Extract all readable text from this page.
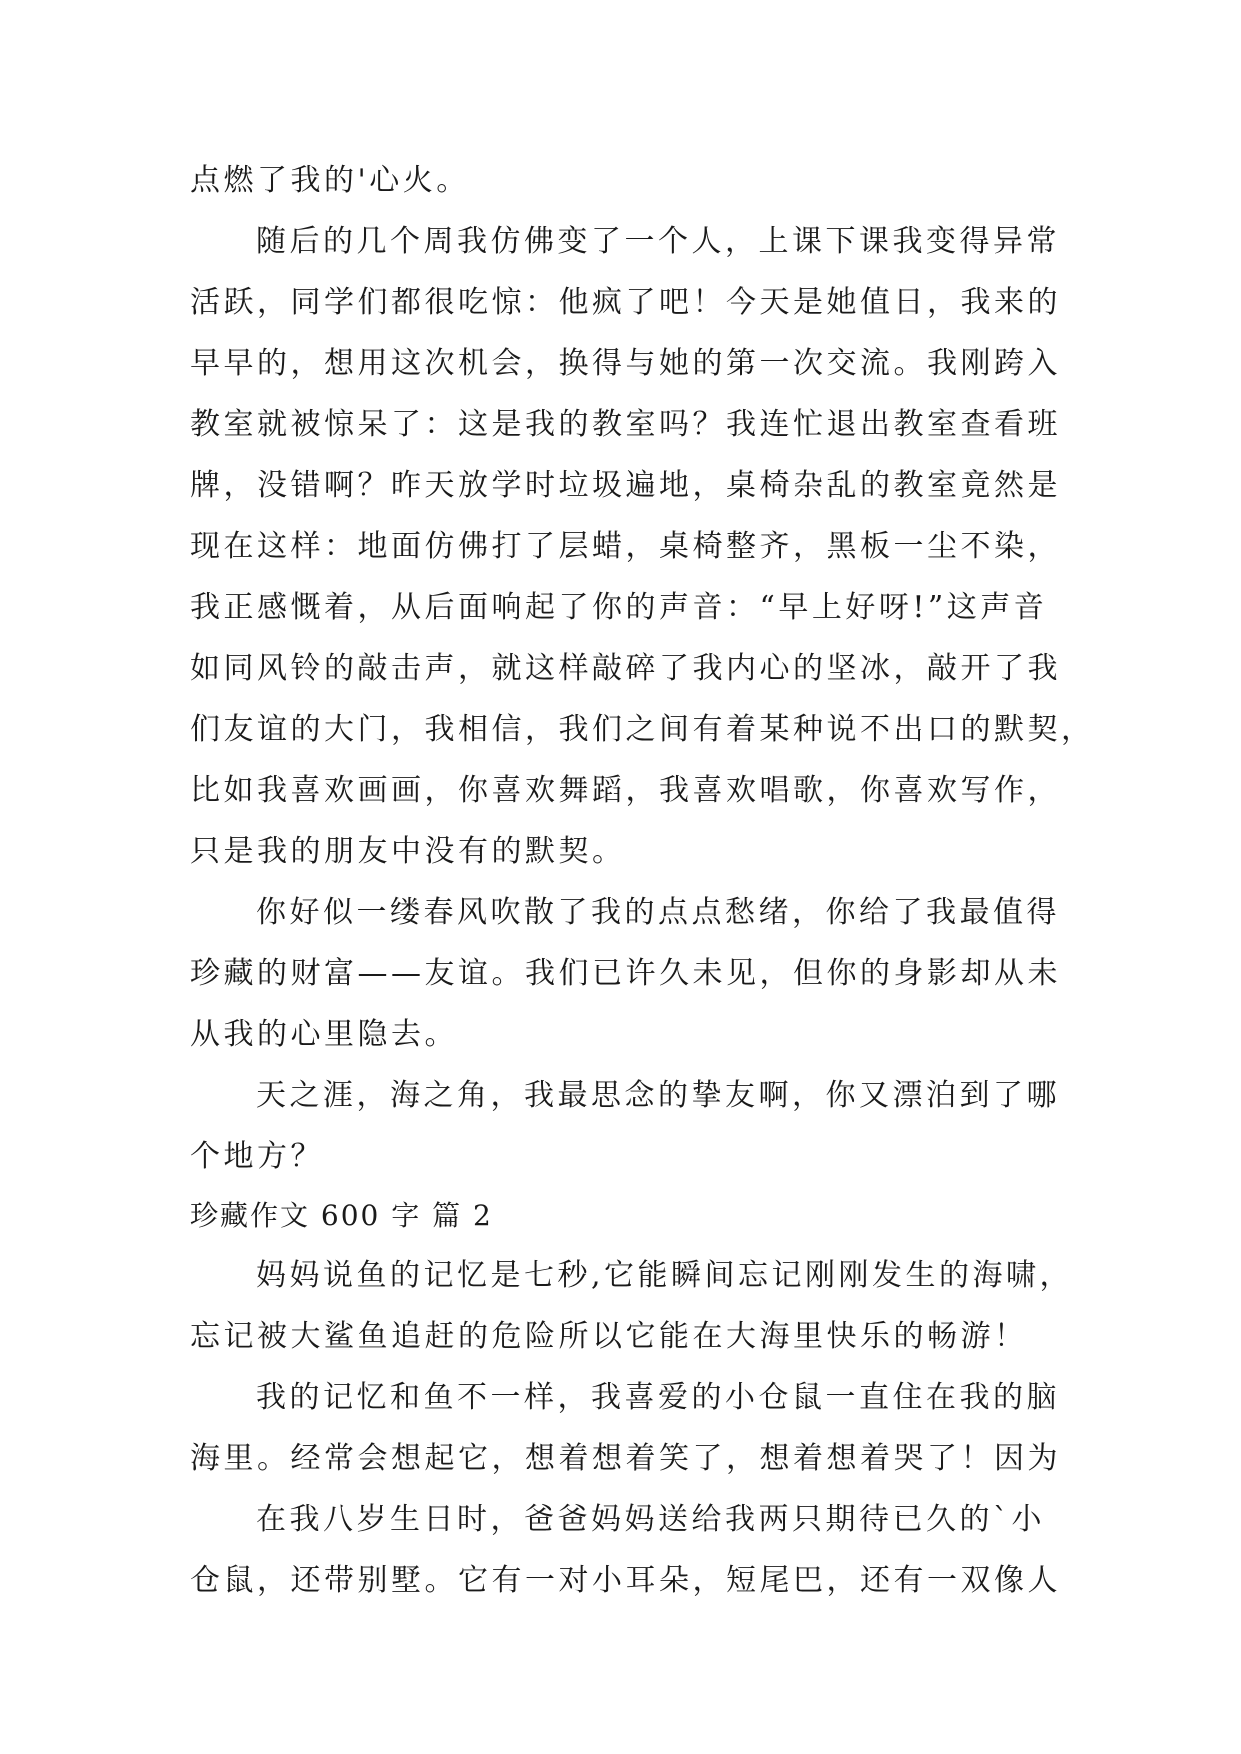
点燃了我的'心火。
随后的几个周我仿佛变了一个人，上课下课我变得异常
活跃，同学们都很吃惊：他疯了吧！今天是她值日，我来的
早早的，想用这次机会，换得与她的第一次交流。我刚跨入
教室就被惊呆了：这是我的教室吗？我连忙退出教室查看班
牌，没错啊？昨天放学时垃圾遍地，桌椅杂乱的教室竟然是
现在这样：地面仿佛打了层蜡，桌椅整齐，黑板一尘不染，
我正感慨着，从后面响起了你的声音：“早上好呀!”这声音
如同风铃的敲击声，就这样敲碎了我内心的坚冰，敲开了我
们友谊的大门，我相信，我们之间有着某种说不出口的默契，
比如我喜欢画画，你喜欢舞蹈，我喜欢唱歌，你喜欢写作，
只是我的朋友中没有的默契。
你好似一缕春风吹散了我的点点愁绪，你给了我最值得
珍藏的财富——友谊。我们已许久未见，但你的身影却从未
从我的心里隐去。
天之涯，海之角，我最思念的挚友啊，你又漂泊到了哪
个地方？
珍藏作文 600 字 篇 2
妈妈说鱼的记忆是七秒,它能瞬间忘记刚刚发生的海啸，
忘记被大鲨鱼追赶的危险所以它能在大海里快乐的畅游！
我的记忆和鱼不一样，我喜爱的小仓鼠一直住在我的脑
海里。经常会想起它，想着想着笑了，想着想着哭了！因为
在我八岁生日时，爸爸妈妈送给我两只期待已久的`小
仓鼠，还带别墅。它有一对小耳朵，短尾巴，还有一双像人
